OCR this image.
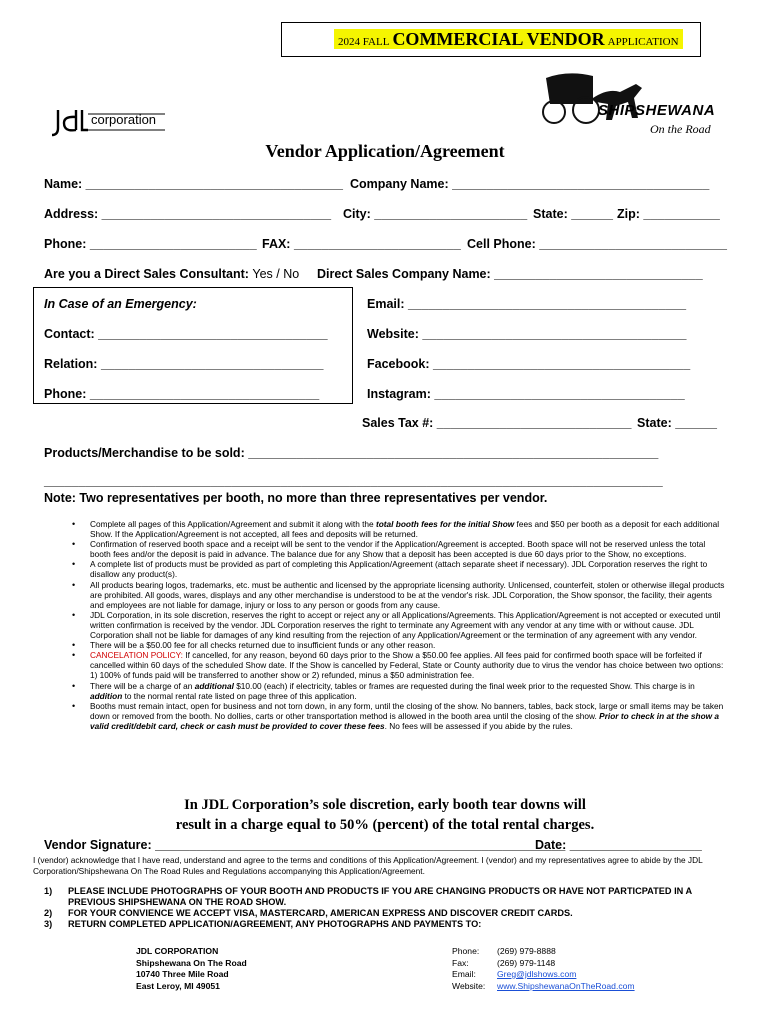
2024 FALL COMMERCIAL VENDOR APPLICATION
corporation
SHIPSHEWANA
On the Road
Vendor Application/Agreement
Name: _____________________________________ Company Name: _____________________________________
Address: _________________________________ City: ______________________ State: ______ Zip: ___________
Phone: ________________________ FAX: ________________________ Cell Phone: ___________________________
Are you a Direct Sales Consultant: Yes / No Direct Sales Company Name: ______________________________
In Case of an Emergency:
Contact: _________________________________
Relation: ________________________________
Phone: _________________________________
Email: ________________________________________
Website: ______________________________________
Facebook: _____________________________________
Instagram: ____________________________________
Sales Tax #: ____________________________ State: ______
Products/Merchandise to be sold: ___________________________________________________________
_________________________________________________________________________________________
Note: Two representatives per booth, no more than three representatives per vendor.
• Complete all pages of this Application/Agreement and submit it along with the total booth fees for the initial Show fees and $50 per booth as a deposit for each additional Show. If the Application/Agreement is not accepted, all fees and deposits will be returned.
• Confirmation of reserved booth space and a receipt will be sent to the vendor if the Application/Agreement is accepted. Booth space will not be reserved unless the total booth fees and/or the deposit is paid in advance. The balance due for any Show that a deposit has been accepted is due 60 days prior to the Show, no exceptions.
• A complete list of products must be provided as part of completing this Application/Agreement (attach separate sheet if necessary). JDL Corporation reserves the right to disallow any product(s).
• All products bearing logos, trademarks, etc. must be authentic and licensed by the appropriate licensing authority. Unlicensed, counterfeit, stolen or otherwise illegal products are prohibited. All goods, wares, displays and any other merchandise is understood to be at the vendor's risk. JDL Corporation, the Show sponsor, the facility, their agents and employees are not liable for damage, injury or loss to any person or goods from any cause.
• JDL Corporation, in its sole discretion, reserves the right to accept or reject any or all Applications/Agreements. This Application/Agreement is not accepted or executed until written confirmation is received by the vendor. JDL Corporation reserves the right to terminate any Agreement with any vendor at any time with or without cause. JDL Corporation shall not be liable for damages of any kind resulting from the rejection of any Application/Agreement or the termination of any agreement with any vendor.
• There will be a $50.00 fee for all checks returned due to insufficient funds or any other reason.
• CANCELATION POLICY: If cancelled, for any reason, beyond 60 days prior to the Show a $50.00 fee applies. All fees paid for confirmed booth space will be forfeited if cancelled within 60 days of the scheduled Show date. If the Show is cancelled by Federal, State or County authority due to virus the vendor has choice between two options: 1) 100% of funds paid will be transferred to another show or 2) refunded, minus a $50 administration fee.
• There will be a charge of an additional $10.00 (each) if electricity, tables or frames are requested during the final week prior to the requested Show. This charge is in addition to the normal rental rate listed on page three of this application.
• Booths must remain intact, open for business and not torn down, in any form, until the closing of the show. No banners, tables, back stock, large or small items may be taken down or removed from the booth. No dollies, carts or other transportation method is allowed in the booth area until the closing of the show. Prior to check in at the show a valid credit/debit card, check or cash must be provided to cover these fees. No fees will be assessed if you abide by the rules.
In JDL Corporation’s sole discretion, early booth tear downs will
result in a charge equal to 50% (percent) of the total rental charges.
Vendor Signature: ___________________________________________________________
Date: ___________________
I (vendor) acknowledge that I have read, understand and agree to the terms and conditions of this Application/Agreement. I (vendor) and my representatives agree to abide by the JDL Corporation/Shipshewana On The Road Rules and Regulations accompanying this Application/Agreement.
1) PLEASE INCLUDE PHOTOGRAPHS OF YOUR BOOTH AND PRODUCTS IF YOU ARE CHANGING PRODUCTS OR HAVE NOT PARTICPATED IN A PREVIOUS SHIPSHEWANA ON THE ROAD SHOW.
2) FOR YOUR CONVIENCE WE ACCEPT VISA, MASTERCARD, AMERICAN EXPRESS AND DISCOVER CREDIT CARDS.
3) RETURN COMPLETED APPLICATION/AGREEMENT, ANY PHOTOGRAPHS AND PAYMENTS TO:
JDL CORPORATION
Shipshewana On The Road
10740 Three Mile Road
East Leroy, MI 49051
Phone:
Fax:
Email:
Website:
(269) 979-8888
(269) 979-1148
Greg@jdlshows.com
www.ShipshewanaOnTheRoad.com
